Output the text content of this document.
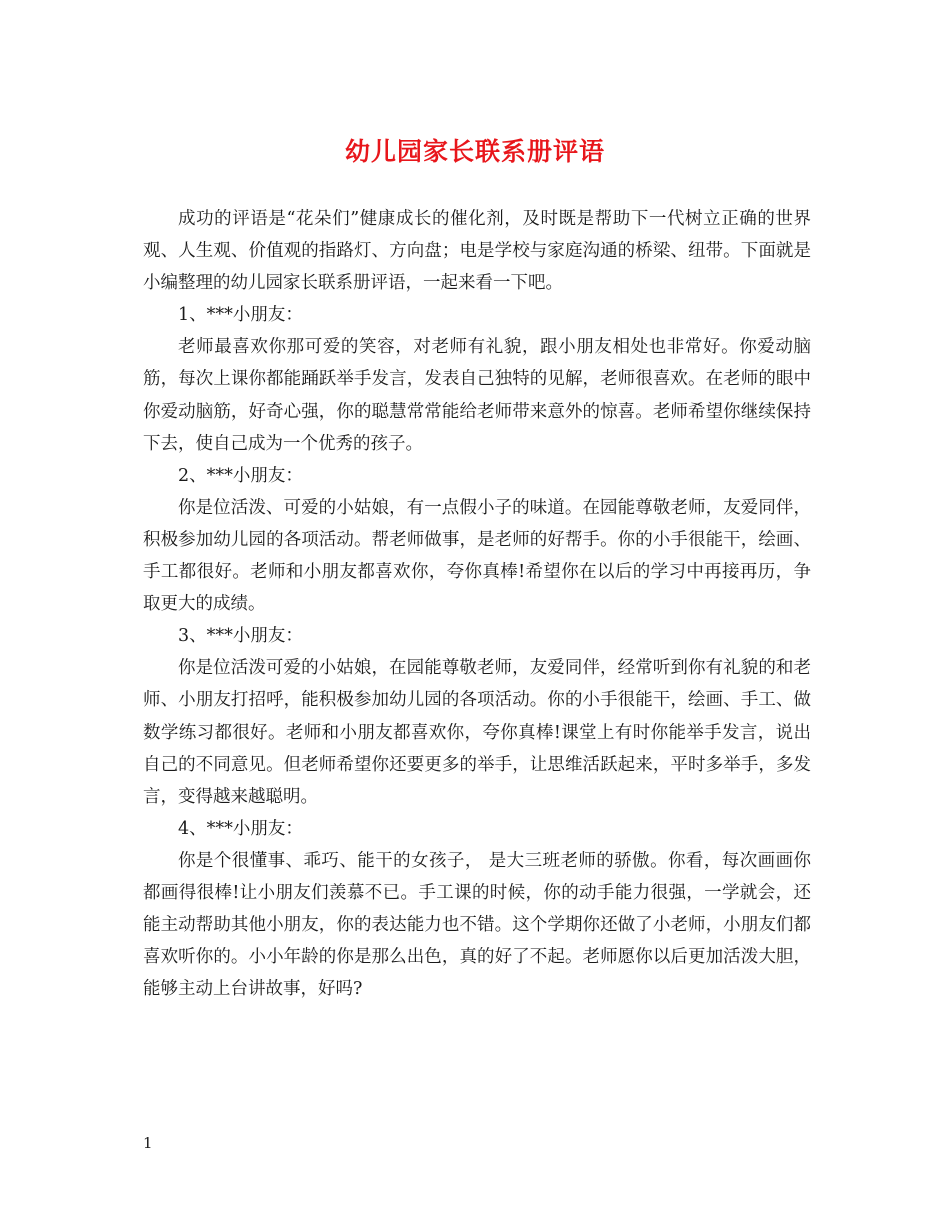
幼儿园家长联系册评语

成功的评语是“花朵们”健康成长的催化剂，及时既是帮助下一代树立正确的世界观、人生观、价值观的指路灯、方向盘；电是学校与家庭沟通的桥梁、纽带。下面就是小编整理的幼儿园家长联系册评语，一起来看一下吧。

1、***小朋友：

老师最喜欢你那可爱的笑容，对老师有礼貌，跟小朋友相处也非常好。你爱动脑筋，每次上课你都能踊跃举手发言，发表自己独特的见解，老师很喜欢。在老师的眼中你爱动脑筋，好奇心强，你的聪慧常常能给老师带来意外的惊喜。老师希望你继续保持下去，使自己成为一个优秀的孩子。

2、***小朋友：

你是位活泼、可爱的小姑娘，有一点假小子的味道。在园能尊敬老师，友爱同伴，积极参加幼儿园的各项活动。帮老师做事，是老师的好帮手。你的小手很能干，绘画、手工都很好。老师和小朋友都喜欢你，夸你真棒!希望你在以后的学习中再接再历，争取更大的成绩。

3、***小朋友：

你是位活泼可爱的小姑娘，在园能尊敬老师，友爱同伴，经常听到你有礼貌的和老师、小朋友打招呼，能积极参加幼儿园的各项活动。你的小手很能干，绘画、手工、做数学练习都很好。老师和小朋友都喜欢你，夸你真棒!课堂上有时你能举手发言，说出自己的不同意见。但老师希望你还要更多的举手，让思维活跃起来，平时多举手，多发言，变得越来越聪明。

4、***小朋友：

你是个很懂事、乖巧、能干的女孩子， 是大三班老师的骄傲。你看，每次画画你都画得很棒!让小朋友们羡慕不已。手工课的时候，你的动手能力很强，一学就会，还能主动帮助其他小朋友，你的表达能力也不错。这个学期你还做了小老师，小朋友们都喜欢听你的。小小年龄的你是那么出色，真的好了不起。老师愿你以后更加活泼大胆，能够主动上台讲故事，好吗?

1
